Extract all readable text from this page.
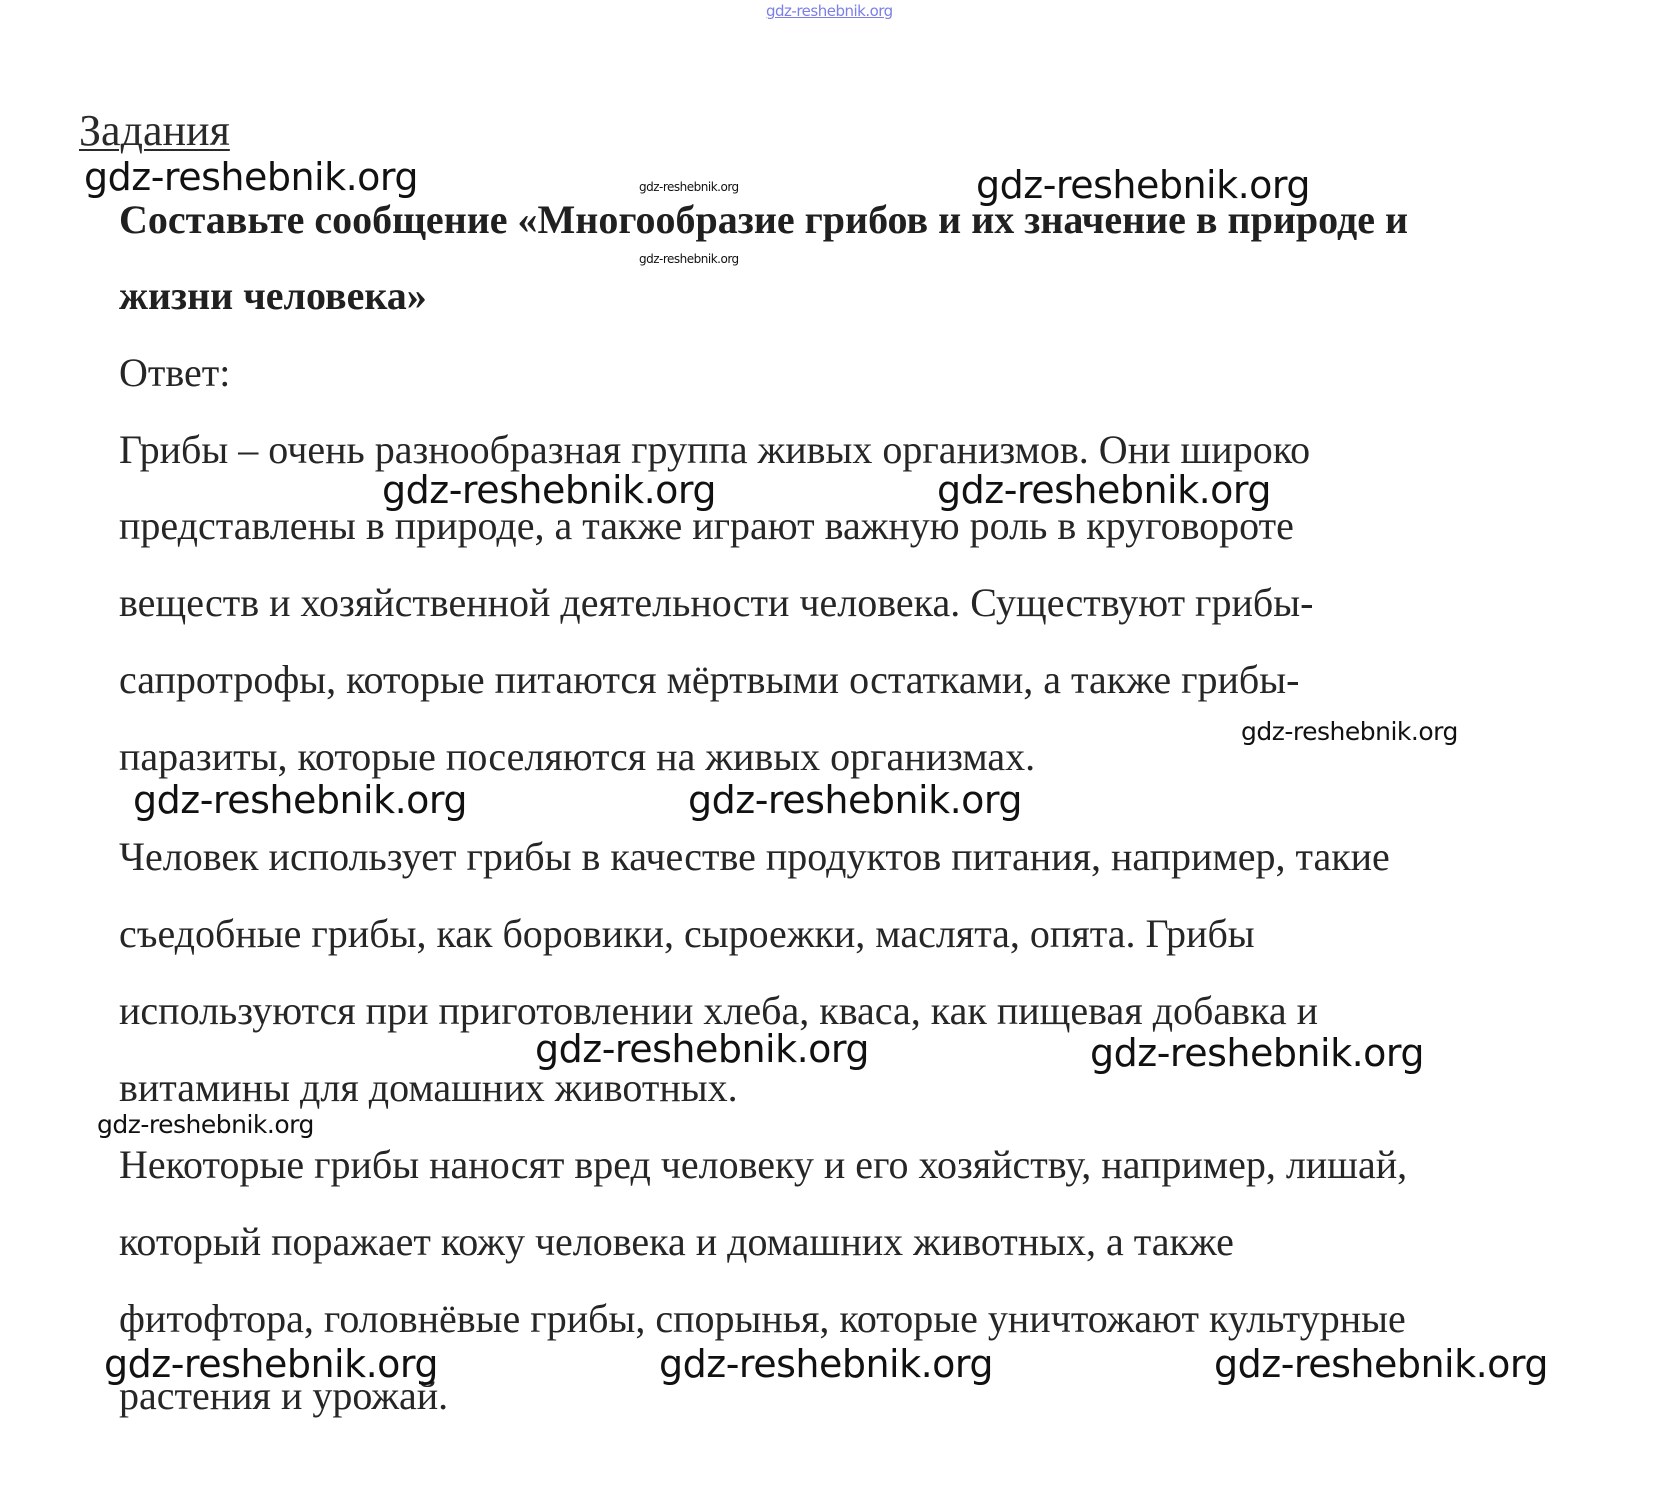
gdz-reshebnik.org
Задания
Составьте сообщение «Многообразие грибов и их значение в природе и
жизни человека»
Ответ:
Грибы – очень разнообразная группа живых организмов. Они широко
представлены в природе, а также играют важную роль в круговороте
веществ и хозяйственной деятельности человека. Существуют грибы-
сапротрофы, которые питаются мёртвыми остатками, а также грибы-
паразиты, которые поселяются на живых организмах.
Человек использует грибы в качестве продуктов питания, например, такие
съедобные грибы, как боровики, сыроежки, маслята, опята. Грибы
используются при приготовлении хлеба, кваса, как пищевая добавка и
витамины для домашних животных.
Некоторые грибы наносят вред человеку и его хозяйству, например, лишай,
который поражает кожу человека и домашних животных, а также
фитофтора, головнёвые грибы, спорынья, которые уничтожают культурные
растения и урожай.
gdz-reshebnik.org	gdz-reshebnik.org	gdz-reshebnik.org
gdz-reshebnik.org
gdz-reshebnik.org	gdz-reshebnik.org
gdz-reshebnik.org
gdz-reshebnik.org	gdz-reshebnik.org
gdz-reshebnik.org	gdz-reshebnik.org
gdz-reshebnik.org
gdz-reshebnik.org	gdz-reshebnik.org	gdz-reshebnik.org
